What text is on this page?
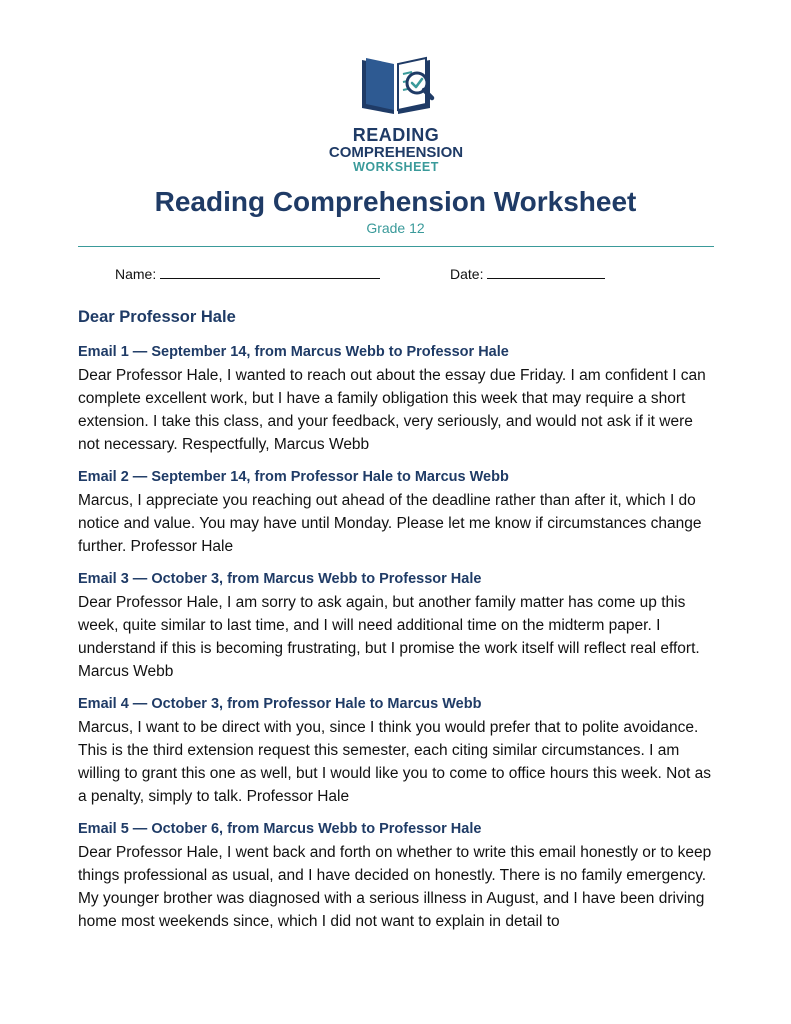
READING
COMPREHENSION
WORKSHEET
Reading Comprehension Worksheet
Grade 12
Name:	Date:
Dear Professor Hale
Email 1 — September 14, from Marcus Webb to Professor Hale

Dear Professor Hale, I wanted to reach out about the essay due Friday. I am confident I can complete excellent work, but I have a family obligation this week that may require a short extension. I take this class, and your feedback, very seriously, and would not ask if it were not necessary. Respectfully, Marcus Webb

Email 2 — September 14, from Professor Hale to Marcus Webb

Marcus, I appreciate you reaching out ahead of the deadline rather than after it, which I do notice and value. You may have until Monday. Please let me know if circumstances change further. Professor Hale

Email 3 — October 3, from Marcus Webb to Professor Hale

Dear Professor Hale, I am sorry to ask again, but another family matter has come up this week, quite similar to last time, and I will need additional time on the midterm paper. I understand if this is becoming frustrating, but I promise the work itself will reflect real effort. Marcus Webb

Email 4 — October 3, from Professor Hale to Marcus Webb

Marcus, I want to be direct with you, since I think you would prefer that to polite avoidance. This is the third extension request this semester, each citing similar circumstances. I am willing to grant this one as well, but I would like you to come to office hours this week. Not as a penalty, simply to talk. Professor Hale

Email 5 — October 6, from Marcus Webb to Professor Hale

Dear Professor Hale, I went back and forth on whether to write this email honestly or to keep things professional as usual, and I have decided on honestly. There is no family emergency. My younger brother was diagnosed with a serious illness in August, and I have been driving home most weekends since, which I did not want to explain in detail to
